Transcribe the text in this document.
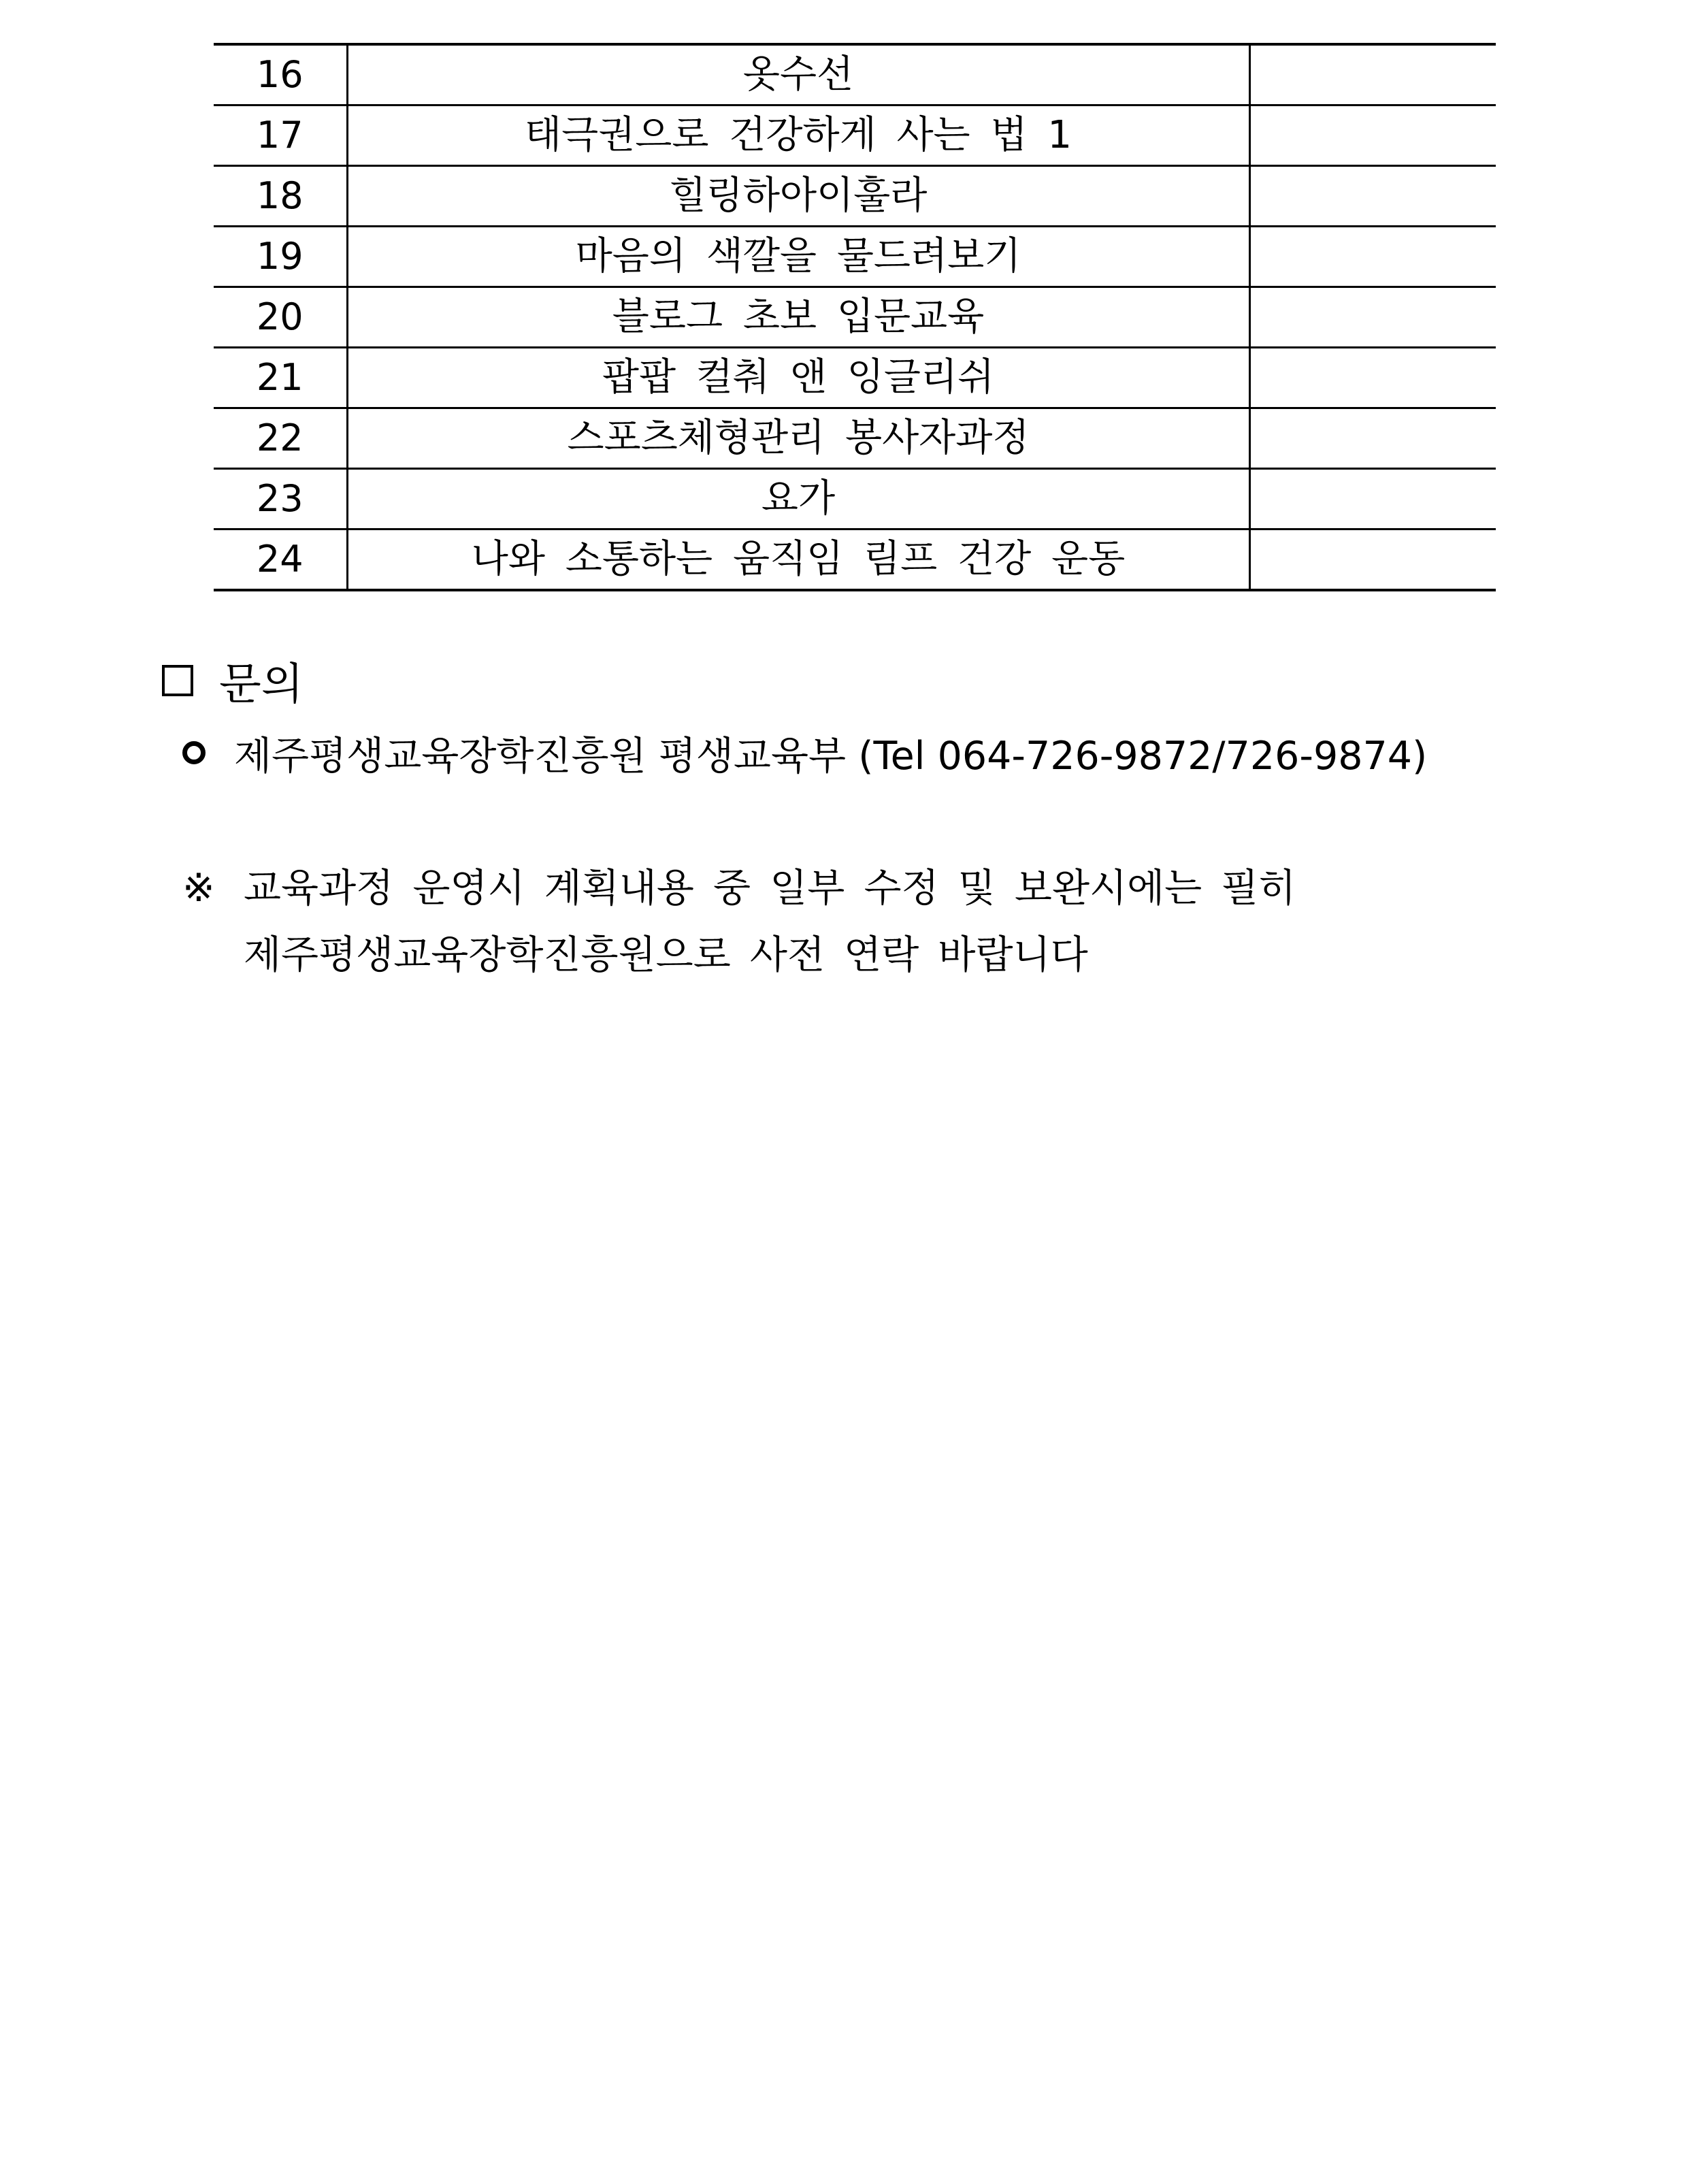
16	옷수선	
17	태극권으로 건강하게 사는 법 1	
18	힐링하아이훌라	
19	마음의 색깔을 물드려보기	
20	블로그 초보 입문교육	
21	팝팝 컬춰 앤 잉글리쉬	
22	스포츠체형관리 봉사자과정	
23	요가	
24	나와 소통하는 움직임 림프 건강 운동	
문의
제주평생교육장학진흥원 평생교육부 (Tel 064-726-9872/726-9874)
※ 교육과정 운영시 계획내용 중 일부 수정 및 보완시에는 필히
제주평생교육장학진흥원으로 사전 연락 바랍니다
